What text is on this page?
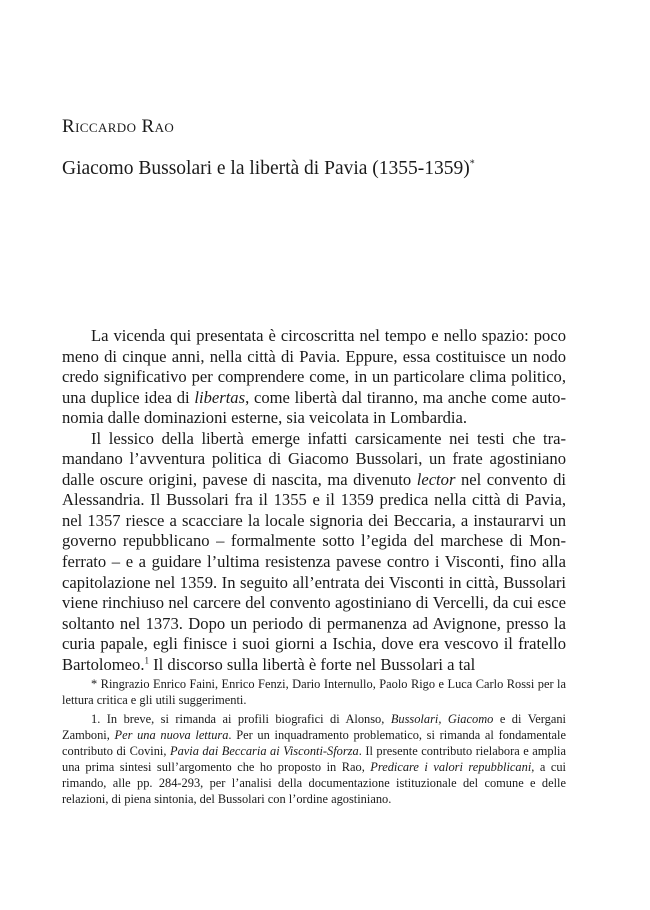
Riccardo Rao
Giacomo Bussolari e la libertà di Pavia (1355-1359)*

La vicenda qui presentata è circoscritta nel tempo e nello spazio: poco meno di cinque anni, nella città di Pavia. Eppure, essa costituisce un nodo credo significativo per comprendere come, in un particolare clima politico, una duplice idea di libertas, come libertà dal tiranno, ma anche come autonomia dalle dominazioni esterne, sia veicolata in Lombardia.

Il lessico della libertà emerge infatti carsicamente nei testi che tramandano l’avventura politica di Giacomo Bussolari, un frate agostiniano dalle oscure origini, pavese di nascita, ma divenuto lector nel convento di Alessandria. Il Bussolari fra il 1355 e il 1359 predica nella città di Pavia, nel 1357 riesce a scacciare la locale signoria dei Beccaria, a instaurarvi un governo repubblicano – formalmente sotto l’egida del marchese di Monferrato – e a guidare l’ultima resistenza pavese contro i Visconti, fino alla capitolazione nel 1359. In seguito all’entrata dei Visconti in città, Bussolari viene rinchiuso nel carcere del convento agostiniano di Vercelli, da cui esce soltanto nel 1373. Dopo un periodo di permanenza ad Avignone, presso la curia papale, egli finisce i suoi giorni a Ischia, dove era vescovo il fratello Bartolomeo.$^1$ Il discorso sulla libertà è forte nel Bussolari a tal

* Ringrazio Enrico Faini, Enrico Fenzi, Dario Internullo, Paolo Rigo e Luca Carlo Rossi per la lettura critica e gli utili suggerimenti.

1. In breve, si rimanda ai profili biografici di Alonso, Bussolari, Giacomo e di Vergani Zamboni, Per una nuova lettura. Per un inquadramento problematico, si rimanda al fondamentale contributo di Covini, Pavia dai Beccaria ai Visconti-Sforza. Il presente contributo rielabora e amplia una prima sintesi sull’argomento che ho proposto in Rao, Predicare i valori repubblicani, a cui rimando, alle pp. 284-293, per l’analisi della documentazione istituzionale del comune e delle relazioni, di piena sintonia, del Bussolari con l’ordine agostiniano.
